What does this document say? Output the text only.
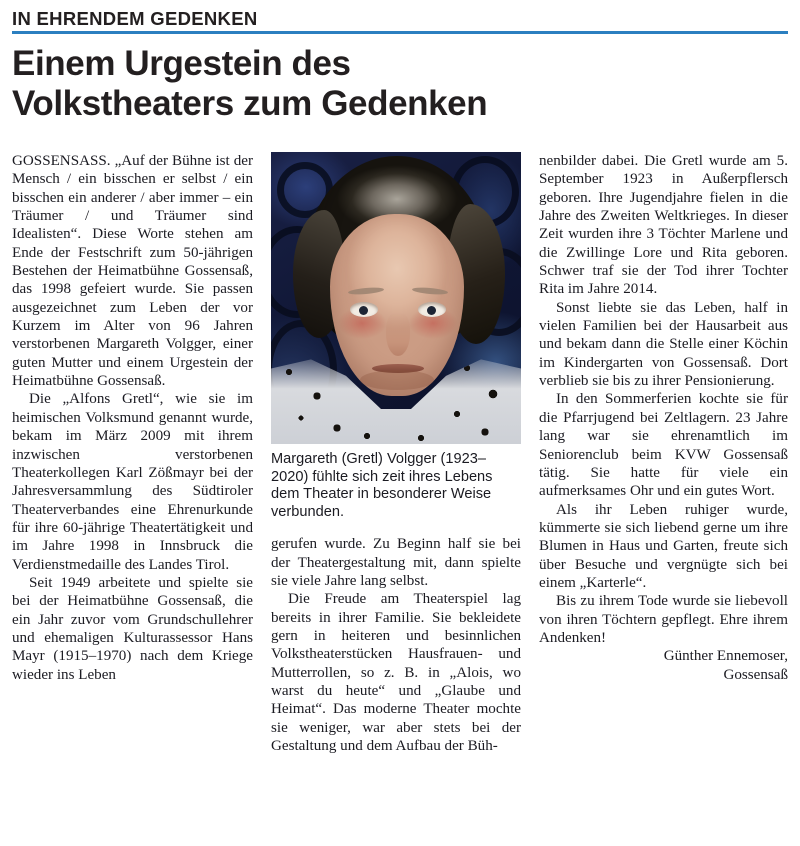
IN EHRENDEM GEDENKEN
Einem Urgestein des
Volkstheaters zum Gedenken

GOSSENSASS. „Auf der Bühne ist der Mensch / ein bisschen er selbst / ein bisschen ein anderer / aber immer – ein Träumer / und Träumer sind Idealisten“. Diese Worte stehen am Ende der Festschrift zum 50-jährigen Bestehen der Heimatbühne Gossensaß, das 1998 gefeiert wurde. Sie passen ausgezeichnet zum Leben der vor Kurzem im Alter von 96 Jahren verstorbenen Margareth Volgger, einer guten Mutter und einem Urgestein der Heimatbühne Gossensaß.

Die „Alfons Gretl“, wie sie im heimischen Volksmund genannt wurde, bekam im März 2009 mit ihrem inzwischen verstorbenen Theaterkollegen Karl Zößmayr bei der Jahresversammlung des Südtiroler Theaterverbandes eine Ehrenurkunde für ihre 60-jährige Theatertätigkeit und im Jahre 1998 in Innsbruck die Verdienstmedaille des Landes Tirol.

Seit 1949 arbeitete und spielte sie bei der Heimatbühne Gossensaß, die ein Jahr zuvor vom Grundschullehrer und ehemaligen Kulturassessor Hans Mayr (1915–1970) nach dem Kriege wieder ins Leben

Margareth (Gretl) Volgger (1923–2020) fühlte sich zeit ihres Lebens dem Theater in besonderer Weise verbunden.

gerufen wurde. Zu Beginn half sie bei der Theatergestaltung mit, dann spielte sie viele Jahre lang selbst.

Die Freude am Theaterspiel lag bereits in ihrer Familie. Sie bekleidete gern in heiteren und besinnlichen Volkstheaterstücken Hausfrauen- und Mutterrollen, so z. B. in „Alois, wo warst du heute“ und „Glaube und Heimat“. Das moderne Theater mochte sie weniger, war aber stets bei der Gestaltung und dem Aufbau der Büh-

nenbilder dabei. Die Gretl wurde am 5. September 1923 in Außerpflersch geboren. Ihre Jugendjahre fielen in die Jahre des Zweiten Weltkrieges. In dieser Zeit wurden ihre 3 Töchter Marlene und die Zwillinge Lore und Rita geboren. Schwer traf sie der Tod ihrer Tochter Rita im Jahre 2014.

Sonst liebte sie das Leben, half in vielen Familien bei der Hausarbeit aus und bekam dann die Stelle einer Köchin im Kindergarten von Gossensaß. Dort verblieb sie bis zu ihrer Pensionierung.

In den Sommerferien kochte sie für die Pfarrjugend bei Zeltlagern. 23 Jahre lang war sie ehrenamtlich im Seniorenclub beim KVW Gossensaß tätig. Sie hatte für viele ein aufmerksames Ohr und ein gutes Wort.

Als ihr Leben ruhiger wurde, kümmerte sie sich liebend gerne um ihre Blumen in Haus und Garten, freute sich über Besuche und vergnügte sich bei einem „Karterle“.

Bis zu ihrem Tode wurde sie liebevoll von ihren Töchtern gepflegt. Ehre ihrem Andenken!

Günther Ennemoser,

Gossensaß
